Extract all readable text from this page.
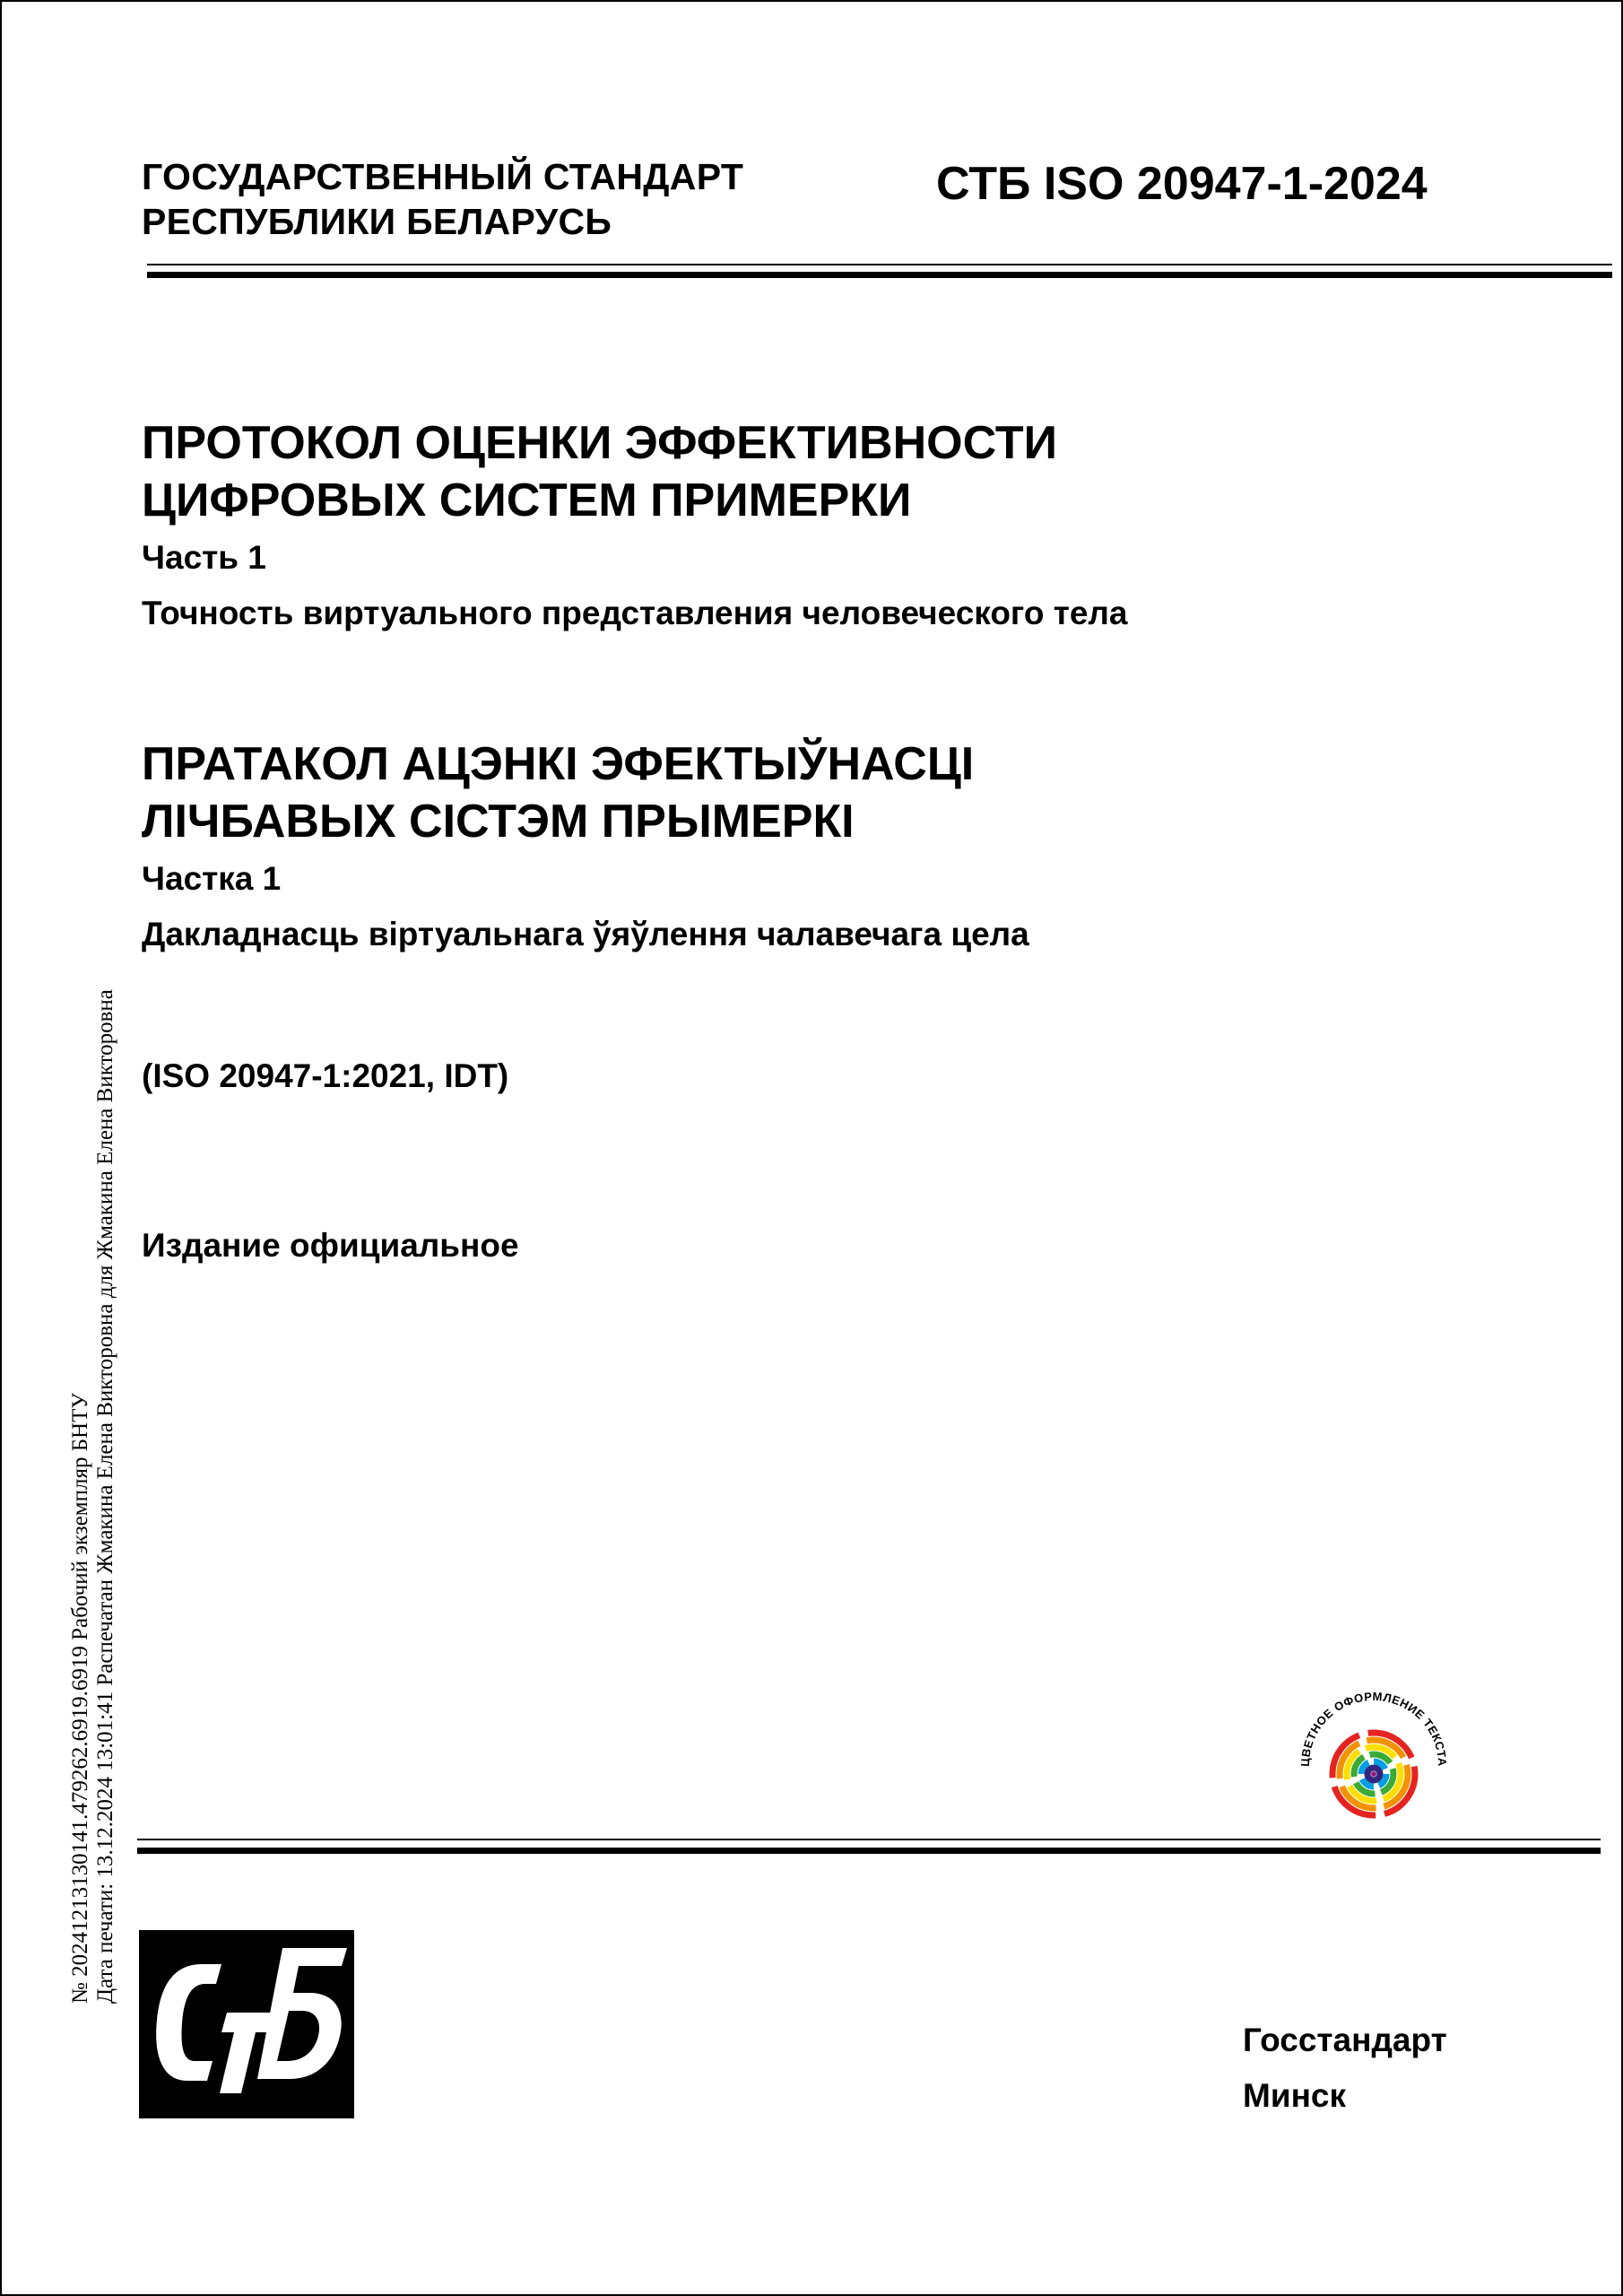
ГОСУДАРСТВЕННЫЙ СТАНДАРТ
РЕСПУБЛИКИ БЕЛАРУСЬ
СТБ ISO 20947-1-2024
ПРОТОКОЛ ОЦЕНКИ ЭФФЕКТИВНОСТИ
ЦИФРОВЫХ СИСТЕМ ПРИМЕРКИ
Часть 1
Точность виртуального представления человеческого тела
ПРАТАКОЛ АЦЭНКІ ЭФЕКТЫЎНАСЦІ
ЛІЧБАВЫХ СІСТЭМ ПРЫМЕРКІ
Частка 1
Дакладнасць віртуальнага ўяўлення чалавечага цела
(ISO 20947-1:2021, IDT)
Издание официальное
№ 20241213130141.479262.6919.6919 Рабочий экземпляр БНТУ Дата печати: 13.12.2024 13:01:41 Распечатан Жмакина Елена Викторовна для Жмакина Елена Викторовна	ЦВЕТНОЕ ОФОРМЛЕНИЕ ТЕКСТА
Госстандарт
Минск
